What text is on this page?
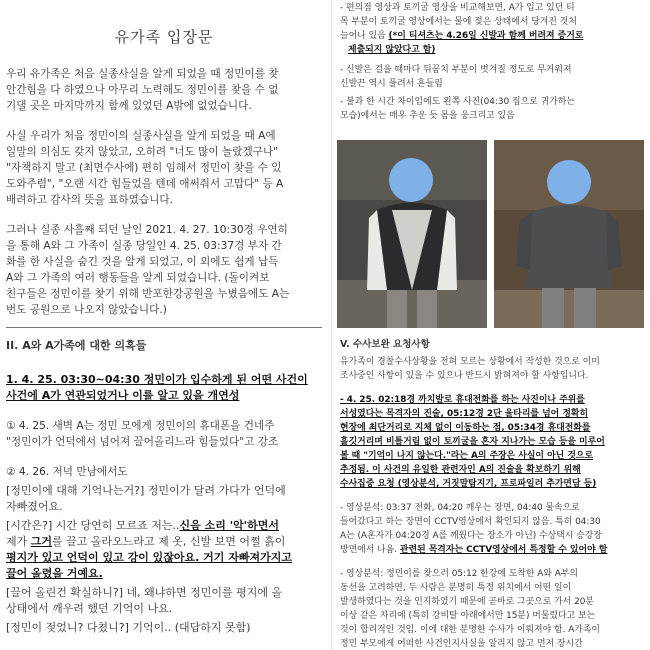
유가족 입장문
우리 유가족은 처음 실종사실을 알게 되었을 때 정민이를 찾
안간힘을 다 하였으나 아무리 노력해도 정민이를 찾을 수 없
기댈 곳은 마지막까지 함께 있었던 A밖에 없었습니다.
사실 우리가 처음 정민이의 실종사실을 알게 되었을 때 A에
일말의 의심도 갖지 않았고, 오히려 "너도 많이 놀랐겠구나"
"자책하지 말고 (최면수사에) 편히 임해서 정민이 찾을 수 있
도와주렴", "오랜 시간 힘들었을 텐데 애써줘서 고맙다" 등 A
배려하고 감사의 뜻을 표하였습니다.
그러나 실종 사흘째 되던 날인 2021. 4. 27. 10:30경 우연히
을 통해 A와 그 가족이 실종 당일인 4. 25. 03:37경 부자 간
화를 한 사실을 숨긴 것을 알게 되었고, 이 외에도 쉽게 납득
A와 그 가족의 여러 행동들을 알게 되었습니다. (돌이켜보
친구들은 정민이를 찾기 위해 반포한강공원을 누볐음에도 A는
번도 공원으로 나오지 않았습니다.)
II. A와 A가족에 대한 의혹들
1. 4. 25. 03:30~04:30 정민이가 입수하게 된 어떤 사건이
사건에 A가 연관되었거나 이를 알고 있을 개연성
① 4. 25. 새벽 A는 정민 모에게 정민이의 휴대폰을 건네주
"정민이가 언덕에서 넘어져 끌어올리느라 힘들었다"고 강조
② 4. 26. 저녁 만남에서도
[정민이에 대해 기억나는거?] 정민이가 달려 가다가 언덕에
자빠졌어요.
[시간은?] 시간 당연히 모르죠 저는..신음 소리 '악'하면서
제가 그거를 끌고 올라오느라고 제 옷, 신발 보면 어쩔 흙이
평지가 있고 언덕이 있고 강이 있잖아요. 거기 자빠져가지고
끌어 올렸을 거예요.
[끌어 올린건 확실하니?] 네, 왜냐하면 정민이를 평지에 올
상태에서 깨우려 했던 기억이 나요.
[정민이 젖었니? 다쳤니?] 기억이.. (대답하지 못함)
- 편의점 영상과 토끼굴 영상을 비교해보면, A가 입고 있던 티
목 부분이 토끼굴 영상에서는 물에 젖은 상태에서 당겨진 것처
늘어나 있음 (*이 티셔츠는 4.26일 신발과 함께 버려져 증거로
제출되지 않았다고 함)
- 신발은 걸을 때마다 뒤꿈치 부분이 벗겨질 정도로 무거워져
신발끈 역시 풀려서 흔들림
- 불과 한 시간 차이임에도 왼쪽 사진(04:30 집으로 귀가하는
모습)에서는 매우 추운 듯 몸을 웅크리고 있음
V. 수사보완 요청사항
유가족이 경찰수사상황을 전혀 모르는 상황에서 작성한 것으로 이미
조사중인 사항이 있을 수 있으나 반드시 밝혀져야 할 사항입니다.
- 4. 25. 02:18경 까치발로 휴대전화를 하는 사진이나 주위를
서성였다는 목격자의 진술, 05:12경 2단 울타리를 넘어 정확히
현장에 최단거리로 지체 없이 이동하는 점, 05:34경 휴대전화를
흘깃거리며 비틀거림 없이 토끼굴을 혼자 지나가는 모습 등을 미루어
볼 때 "기억이 나지 않는다."라는 A의 주장은 사실이 아닌 것으로
추정됨. 이 사건의 유일한 관련자인 A의 진술을 확보하기 위해
수사집중 요청 (영상분석, 거짓말탐지기, 프로파일러 추가면담 등)
- 영상분석: 03:37 전화, 04:20 깨우는 장면, 04:40 물속으로
들어갔다고 하는 장면이 CCTV영상에서 확인되지 않음. 특히 04:30
A는 (A혼자가 04:20경 A를 깨웠다는 장소가 아닌) 수상택시 승강장
방면에서 나옴. 관련된 목격자는 CCTV영상에서 특정할 수 있어야 함
- 영상분석: 정민이를 찾으러 05:12 한강에 도착한 A와 A부의
동선을 고려하면, 두 사람은 분명히 특정 위치에서 어떤 일이
발생하였다는 것을 인지하였기 때문에 곧바로 그곳으로 가서 20분
이상 같은 자리에 (특히 강비탈 아래에서만 15분) 머물렀다고 보는
것이 합리적인 것임. 이에 대한 분명한 수사가 이뤄져야 함. A가족이
정민 부모에게 어떠한 사건인지사실을 알리지 않고 먼저 장시간
